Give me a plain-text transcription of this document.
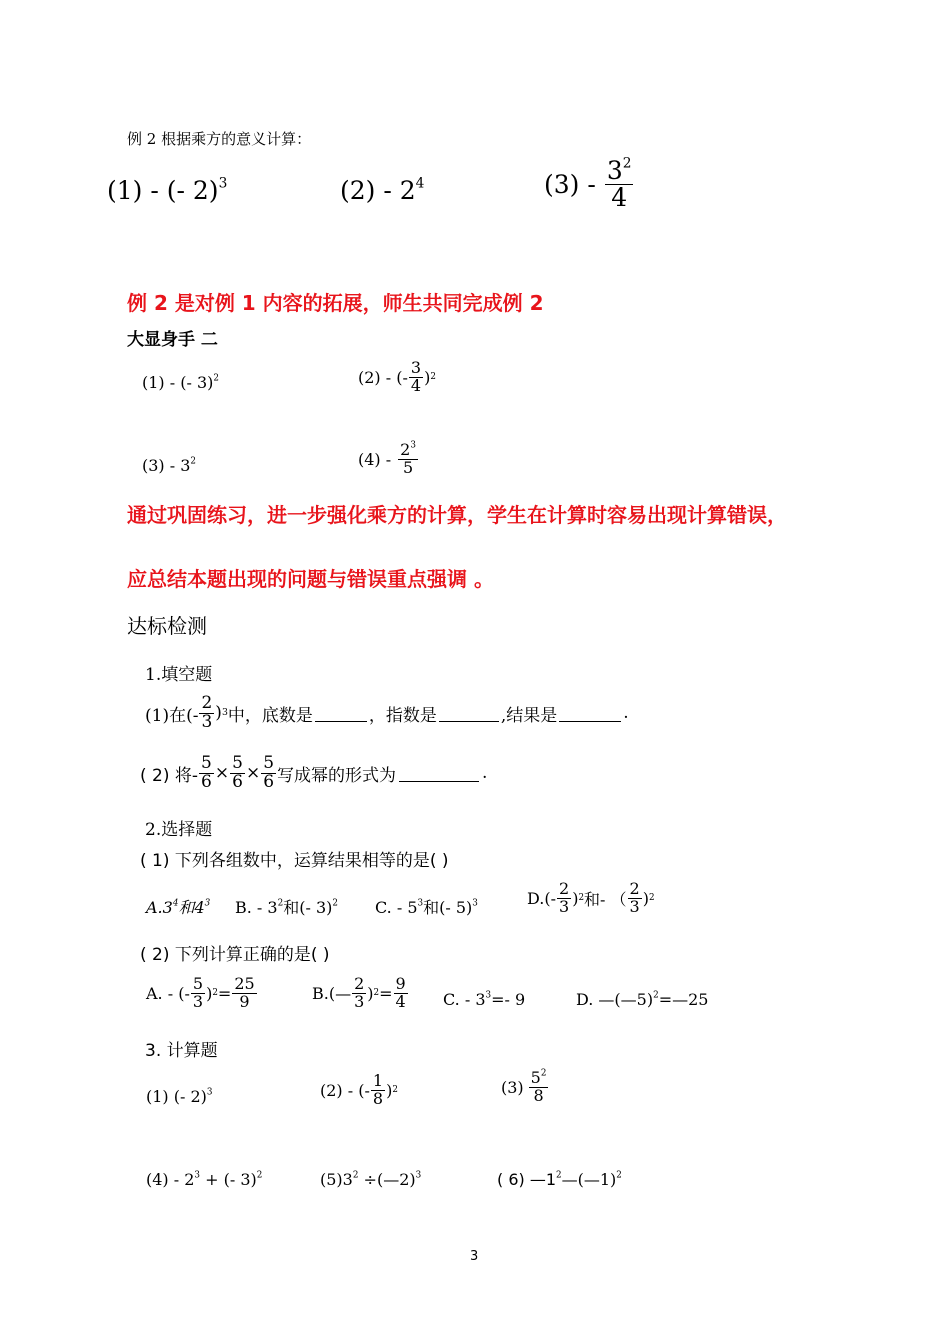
例 2 根据乘方的意义计算：
(1) - (- 2)$^3$	$(2) - 2^4$	$(3) - \frac{3^2}{4}$
例 2 是对例 1 内容的拓展，师生共同完成例 2
大显身手 二
(1) - (- 3)$^2$	(2) - (- $\frac{3}{4}$ ) 2
$(3) - 3^2$	$(4) - \frac{2^3}{5}$
通过巩固练习，进一步强化乘方的计算，学生在计算时容易出现计算错误，
应总结本题出现的问题与错误重点强调 。
达标检测
1.填空题
(1)在(- $\frac{2}{3}$ ) 3 中，底数是	，指数是	,结果是	.
( 2) 将- $\frac{5}{6} \times \frac{5}{6} \times \frac{5}{6}$ 写成幂的形式为	.
2.选择题
( 1) 下列各组数中，运算结果相等的是( )
$A.3^4$和$4^3$ B. - $3^2$和(- 3)$^2$ C. - $5^3$和(- 5)$^3$	$D.(- \frac{2}{3}$ ) 2 和- （ $\frac{2}{3}$ ) 2
( 2) 下列计算正确的是( )
A. - (- $\frac{5}{3}$ ) $2 = \frac{25}{9}$	B.(— $\frac{2}{3}$ ) $2 = \frac{9}{4} C$. - $3^3=-$ 9	D. —(—5)$^2$=—25
3. 计算题
(1) (- 2)$^3$	(2) - (- $\frac{1}{8}$ ) 2	$(3) \frac{5^2}{8}$
$(4) - 2^3$ + (- 3)$^2$	$(5)3^2$ ÷(—2)$^3$	( 6) $—1^2—(—1)^2$
3
